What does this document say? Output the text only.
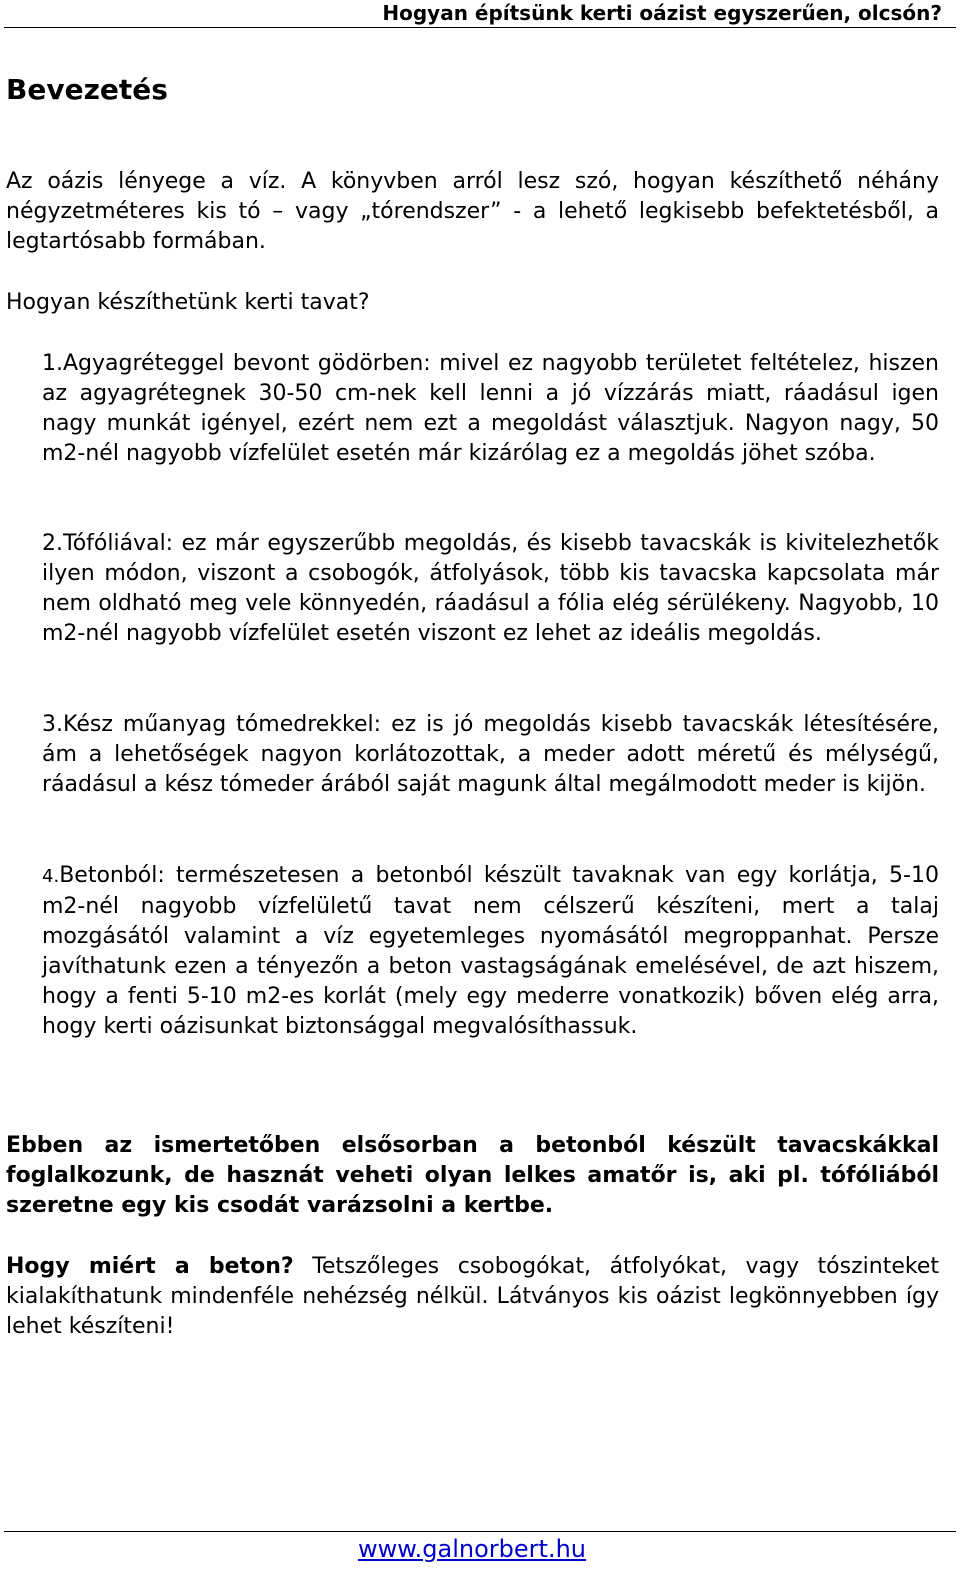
Hogyan építsünk kerti oázist egyszerűen, olcsón?
Bevezetés

Az oázis lényege a víz. A könyvben arról lesz szó, hogyan készíthető néhány négyzetméteres kis tó – vagy „tórendszer” - a lehető legkisebb befektetésből, a legtartósabb formában.

Hogyan készíthetünk kerti tavat?

1.Agyagréteggel bevont gödörben: mivel ez nagyobb területet feltételez, hiszen az agyagrétegnek 30-50 cm-nek kell lenni a jó vízzárás miatt, ráadásul igen nagy munkát igényel, ezért nem ezt a megoldást választjuk. Nagyon nagy, 50 m2-nél nagyobb vízfelület esetén már kizárólag ez a megoldás jöhet szóba.

2.Tófóliával: ez már egyszerűbb megoldás, és kisebb tavacskák is kivitelezhetők ilyen módon, viszont a csobogók, átfolyások, több kis tavacska kapcsolata már nem oldható meg vele könnyedén, ráadásul a fólia elég sérülékeny. Nagyobb, 10 m2-nél nagyobb vízfelület esetén viszont ez lehet az ideális megoldás.

3.Kész műanyag tómedrekkel: ez is jó megoldás kisebb tavacskák létesítésére, ám a lehetőségek nagyon korlátozottak, a meder adott méretű és mélységű, ráadásul a kész tómeder árából saját magunk által megálmodott meder is kijön.

4.Betonból: természetesen a betonból készült tavaknak van egy korlátja, 5-10 m2-nél nagyobb vízfelületű tavat nem célszerű készíteni, mert a talaj mozgásától valamint a víz egyetemleges nyomásától megroppanhat. Persze javíthatunk ezen a tényezőn a beton vastagságának emelésével, de azt hiszem, hogy a fenti 5-10 m2-es korlát (mely egy mederre vonatkozik) bőven elég arra, hogy kerti oázisunkat biztonsággal megvalósíthassuk.

Ebben az ismertetőben elsősorban a betonból készült tavacskákkal foglalkozunk, de hasznát veheti olyan lelkes amatőr is, aki pl. tófóliából szeretne egy kis csodát varázsolni a kertbe.

Hogy miért a beton? Tetszőleges csobogókat, átfolyókat, vagy tószinteket kialakíthatunk mindenféle nehézség nélkül. Látványos kis oázist legkönnyebben így lehet készíteni!

www.galnorbert.hu
